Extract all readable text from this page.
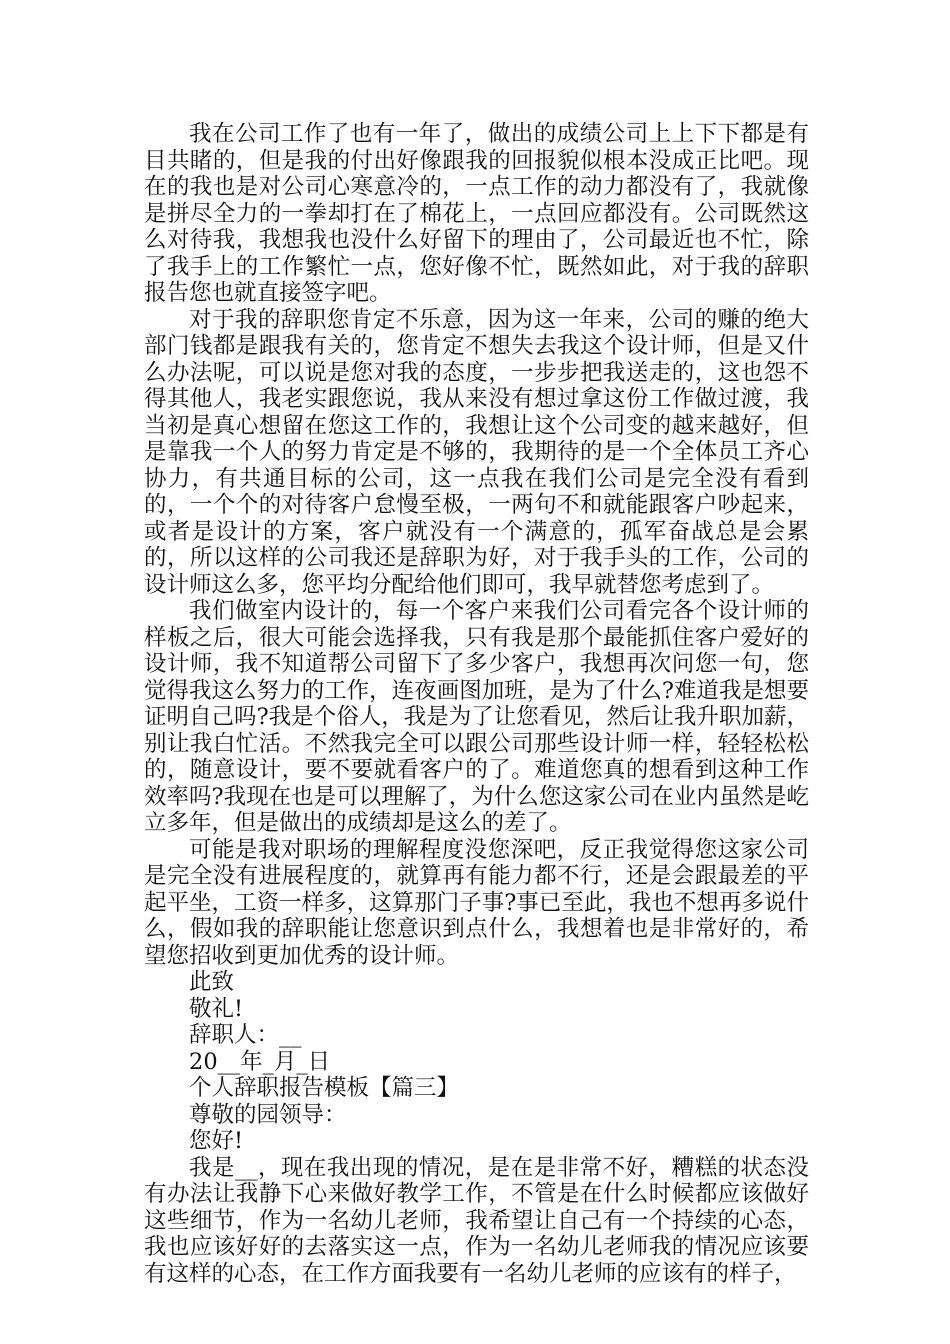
我在公司工作了也有一年了，做出的成绩公司上上下下都是有目共睹的，但是我的付出好像跟我的回报貌似根本没成正比吧。现在的我也是对公司心寒意冷的，一点工作的动力都没有了，我就像是拼尽全力的一拳却打在了棉花上，一点回应都没有。公司既然这么对待我，我想我也没什么好留下的理由了，公司最近也不忙，除了我手上的工作繁忙一点，您好像不忙，既然如此，对于我的辞职报告您也就直接签字吧。

对于我的辞职您肯定不乐意，因为这一年来，公司的赚的绝大部门钱都是跟我有关的，您肯定不想失去我这个设计师，但是又什么办法呢，可以说是您对我的态度，一步步把我送走的，这也怨不得其他人，我老实跟您说，我从来没有想过拿这份工作做过渡，我当初是真心想留在您这工作的，我想让这个公司变的越来越好，但是靠我一个人的努力肯定是不够的，我期待的是一个全体员工齐心协力，有共通目标的公司，这一点我在我们公司是完全没有看到的，一个个的对待客户怠慢至极，一两句不和就能跟客户吵起来，或者是设计的方案，客户就没有一个满意的，孤军奋战总是会累的，所以这样的公司我还是辞职为好，对于我手头的工作，公司的设计师这么多，您平均分配给他们即可，我早就替您考虑到了。

我们做室内设计的，每一个客户来我们公司看完各个设计师的样板之后，很大可能会选择我，只有我是那个最能抓住客户爱好的设计师，我不知道帮公司留下了多少客户，我想再次问您一句，您觉得我这么努力的工作，连夜画图加班，是为了什么?难道我是想要证明自己吗?我是个俗人，我是为了让您看见，然后让我升职加薪，别让我白忙活。不然我完全可以跟公司那些设计师一样，轻轻松松的，随意设计，要不要就看客户的了。难道您真的想看到这种工作效率吗?我现在也是可以理解了，为什么您这家公司在业内虽然是屹立多年，但是做出的成绩却是这么的差了。

可能是我对职场的理解程度没您深吧，反正我觉得您这家公司是完全没有进展程度的，就算再有能力都不行，还是会跟最差的平起平坐，工资一样多，这算那门子事?事已至此，我也不想再多说什么，假如我的辞职能让您意识到点什么，我想着也是非常好的，希望您招收到更加优秀的设计师。

此致
敬礼!
辞职人：__
20__年_月_日
个人辞职报告模板【篇三】
尊敬的园领导：
您好!

我是__，现在我出现的情况，是在是非常不好，糟糕的状态没有办法让我静下心来做好教学工作，不管是在什么时候都应该做好这些细节，作为一名幼儿老师，我希望让自己有一个持续的心态，我也应该好好的去落实这一点，作为一名幼儿老师我的情况应该要有这样的心态，在工作方面我要有一名幼儿老师的应该有的样子，
